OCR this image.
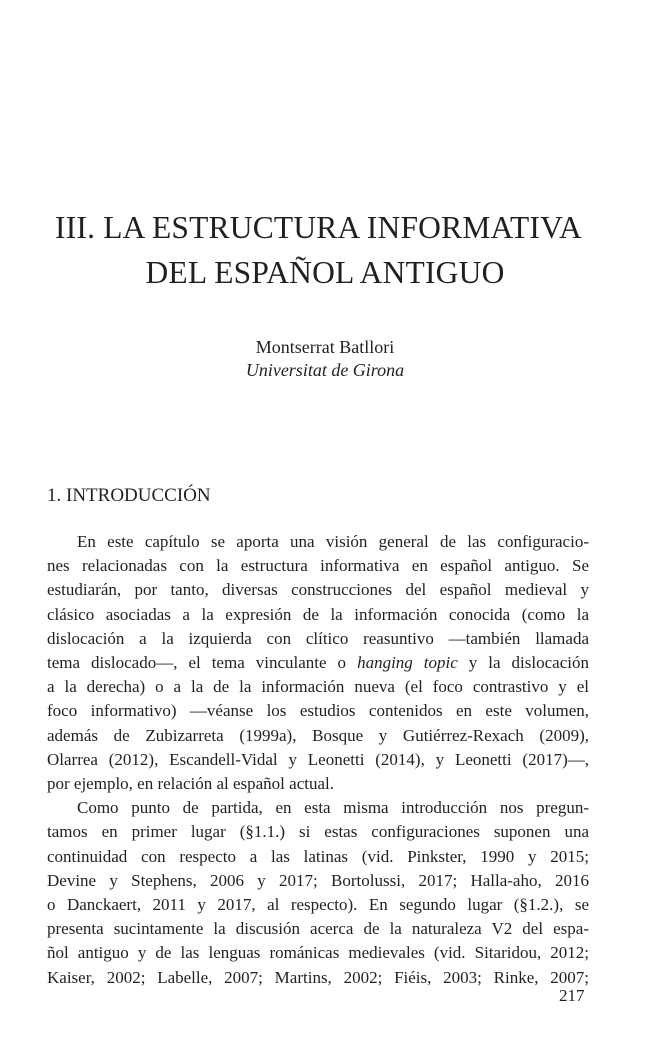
III. LA ESTRUCTURA INFORMATIVA
DEL ESPAÑOL ANTIGUO
Montserrat Batllori
Universitat de Girona
1. INTRODUCCIÓN
En este capítulo se aporta una visión general de las configuracio-
nes relacionadas con la estructura informativa en español antiguo. Se
estudiarán, por tanto, diversas construcciones del español medieval y
clásico asociadas a la expresión de la información conocida (como la
dislocación a la izquierda con clítico reasuntivo —también llamada
tema dislocado—, el tema vinculante o hanging topic y la dislocación
a la derecha) o a la de la información nueva (el foco contrastivo y el
foco informativo) —véanse los estudios contenidos en este volumen,
además de Zubizarreta (1999a), Bosque y Gutiérrez-Rexach (2009),
Olarrea (2012), Escandell-Vidal y Leonetti (2014), y Leonetti (2017)—,
por ejemplo, en relación al español actual.
Como punto de partida, en esta misma introducción nos pregun-
tamos en primer lugar (§1.1.) si estas configuraciones suponen una
continuidad con respecto a las latinas (vid. Pinkster, 1990 y 2015;
Devine y Stephens, 2006 y 2017; Bortolussi, 2017; Halla-aho, 2016
o Danckaert, 2011 y 2017, al respecto). En segundo lugar (§1.2.), se
presenta sucintamente la discusión acerca de la naturaleza V2 del espa-
ñol antiguo y de las lenguas románicas medievales (vid. Sitaridou, 2012;
Kaiser, 2002; Labelle, 2007; Martins, 2002; Fiéis, 2003; Rinke, 2007;
217
